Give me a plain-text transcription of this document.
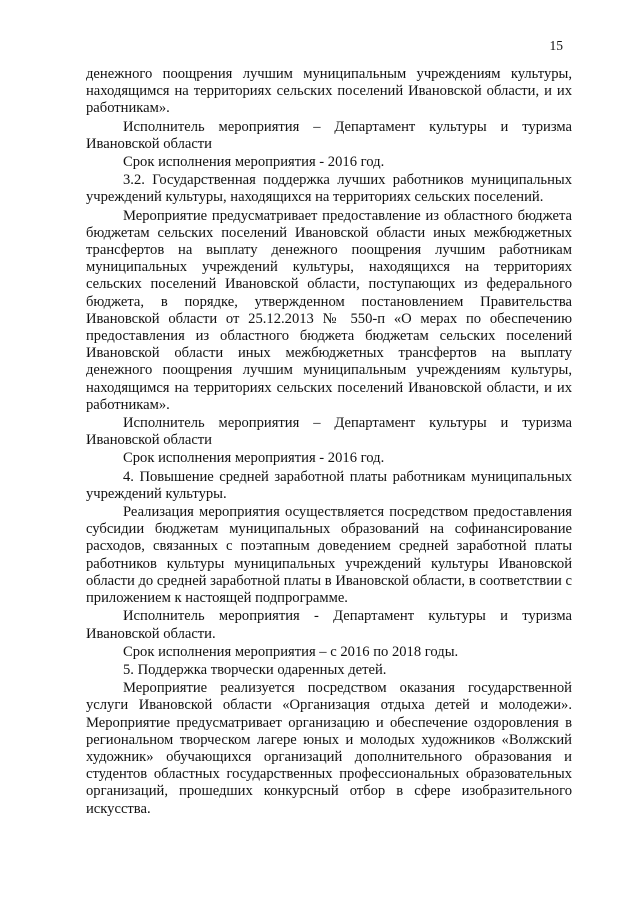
15

денежного поощрения лучшим муниципальным учреждениям культуры, находящимся на территориях сельских поселений Ивановской области, и их работникам».

Исполнитель мероприятия – Департамент культуры и туризма Ивановской области

Срок исполнения мероприятия - 2016 год.

3.2. Государственная поддержка лучших работников муниципальных учреждений культуры, находящихся на территориях сельских поселений.

Мероприятие предусматривает предоставление из областного бюджета бюджетам сельских поселений Ивановской области иных межбюджетных трансфертов на выплату денежного поощрения лучшим работникам муниципальных учреждений культуры, находящихся на территориях сельских поселений Ивановской области, поступающих из федерального бюджета, в порядке, утвержденном постановлением Правительства Ивановской области от 25.12.2013 № 550-п «О мерах по обеспечению предоставления из областного бюджета бюджетам сельских поселений Ивановской области иных межбюджетных трансфертов на выплату денежного поощрения лучшим муниципальным учреждениям культуры, находящимся на территориях сельских поселений Ивановской области, и их работникам».

Исполнитель мероприятия – Департамент культуры и туризма Ивановской области

Срок исполнения мероприятия - 2016 год.

4. Повышение средней заработной платы работникам муниципальных учреждений культуры.

Реализация мероприятия осуществляется посредством предоставления субсидии бюджетам муниципальных образований на софинансирование расходов, связанных с поэтапным доведением средней заработной платы работников культуры муниципальных учреждений культуры Ивановской области до средней заработной платы в Ивановской области, в соответствии с приложением к настоящей подпрограмме.

Исполнитель мероприятия - Департамент культуры и туризма Ивановской области.

Срок исполнения мероприятия – с 2016 по 2018 годы.

5. Поддержка творчески одаренных детей.

Мероприятие реализуется посредством оказания государственной услуги Ивановской области «Организация отдыха детей и молодежи». Мероприятие предусматривает организацию и обеспечение оздоровления в региональном творческом лагере юных и молодых художников «Волжский художник» обучающихся организаций дополнительного образования и студентов областных государственных профессиональных образовательных организаций, прошедших конкурсный отбор в сфере изобразительного искусства.
